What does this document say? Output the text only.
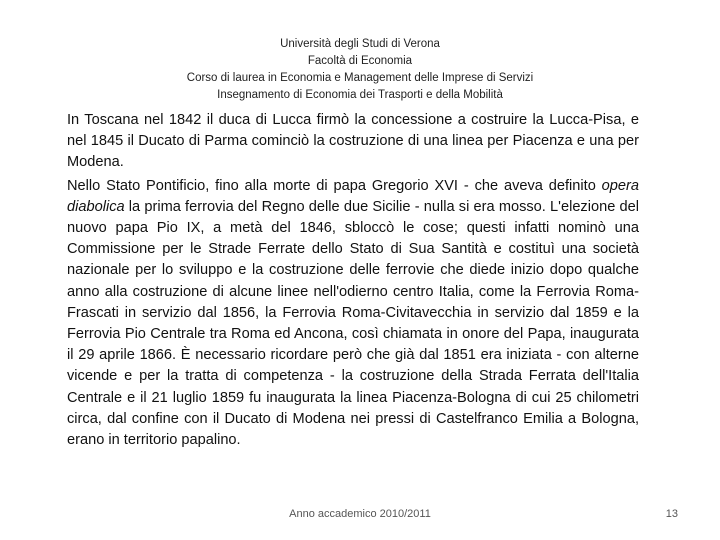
Università degli Studi di Verona
Facoltà di Economia
Corso di laurea in Economia e Management delle Imprese di Servizi
Insegnamento di Economia dei Trasporti e della Mobilità

In Toscana nel 1842 il duca di Lucca firmò la concessione a costruire la Lucca-Pisa, e nel 1845 il Ducato di Parma cominciò la costruzione di una linea per Piacenza e una per Modena.

Nello Stato Pontificio, fino alla morte di papa Gregorio XVI - che aveva definito opera diabolica la prima ferrovia del Regno delle due Sicilie - nulla si era mosso. L'elezione del nuovo papa Pio IX, a metà del 1846, sbloccò le cose; questi infatti nominò una Commissione per le Strade Ferrate dello Stato di Sua Santità e costituì una società nazionale per lo sviluppo e la costruzione delle ferrovie che diede inizio dopo qualche anno alla costruzione di alcune linee nell'odierno centro Italia, come la Ferrovia Roma-Frascati in servizio dal 1856, la Ferrovia Roma-Civitavecchia in servizio dal 1859 e la Ferrovia Pio Centrale tra Roma ed Ancona, così chiamata in onore del Papa, inaugurata il 29 aprile 1866. È necessario ricordare però che già dal 1851 era iniziata - con alterne vicende e per la tratta di competenza - la costruzione della Strada Ferrata dell'Italia Centrale e il 21 luglio 1859 fu inaugurata la linea Piacenza-Bologna di cui 25 chilometri circa, dal confine con il Ducato di Modena nei pressi di Castelfranco Emilia a Bologna, erano in territorio papalino.

Anno accademico 2010/2011	13
